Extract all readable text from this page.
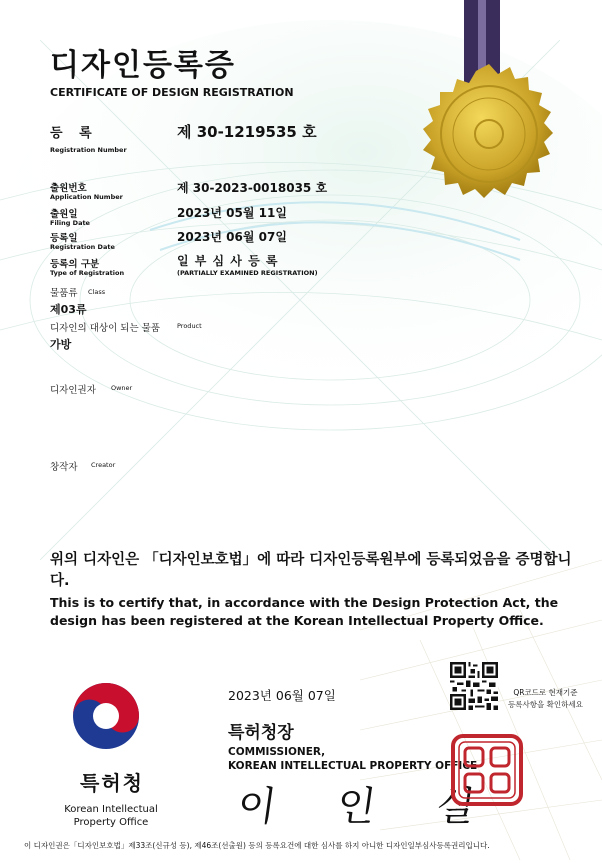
디자인등록증
CERTIFICATE OF DESIGN REGISTRATION
등 록
Registration Number
제 30-1219535 호
출원번호
Application Number
제 30-2023-0018035 호
출원일
Filing Date
2023년 05월 11일
등록일
Registration Date
2023년 06월 07일
등록의 구분
Type of Registration
일 부 심 사 등 록
(PARTIALLY EXAMINED REGISTRATION)
물품류 Class
제03류
디자인의 대상이 되는 물품	Product
가방
디자인권자 Owner
창작자 Creator
위의 디자인은 「디자인보호법」에 따라 디자인등록원부에 등록되었음을 증명합니다.
This is to certify that, in accordance with the Design Protection Act, the design has been registered at the Korean Intellectual Property Office.
특허청
Korean Intellectual
Property Office
2023년 06월 07일	QR코드로 현재기준
등록사항을 확인하세요
특허청장
COMMISSIONER,
KOREAN INTELLECTUAL PROPERTY OFFICE
이 인 실
이 디자인권은「디자인보호법」제33조(신규성 등), 제46조(선출원) 등의 등록요건에 대한 심사를 하지 아니한 디자인일부심사등록권리입니다.
